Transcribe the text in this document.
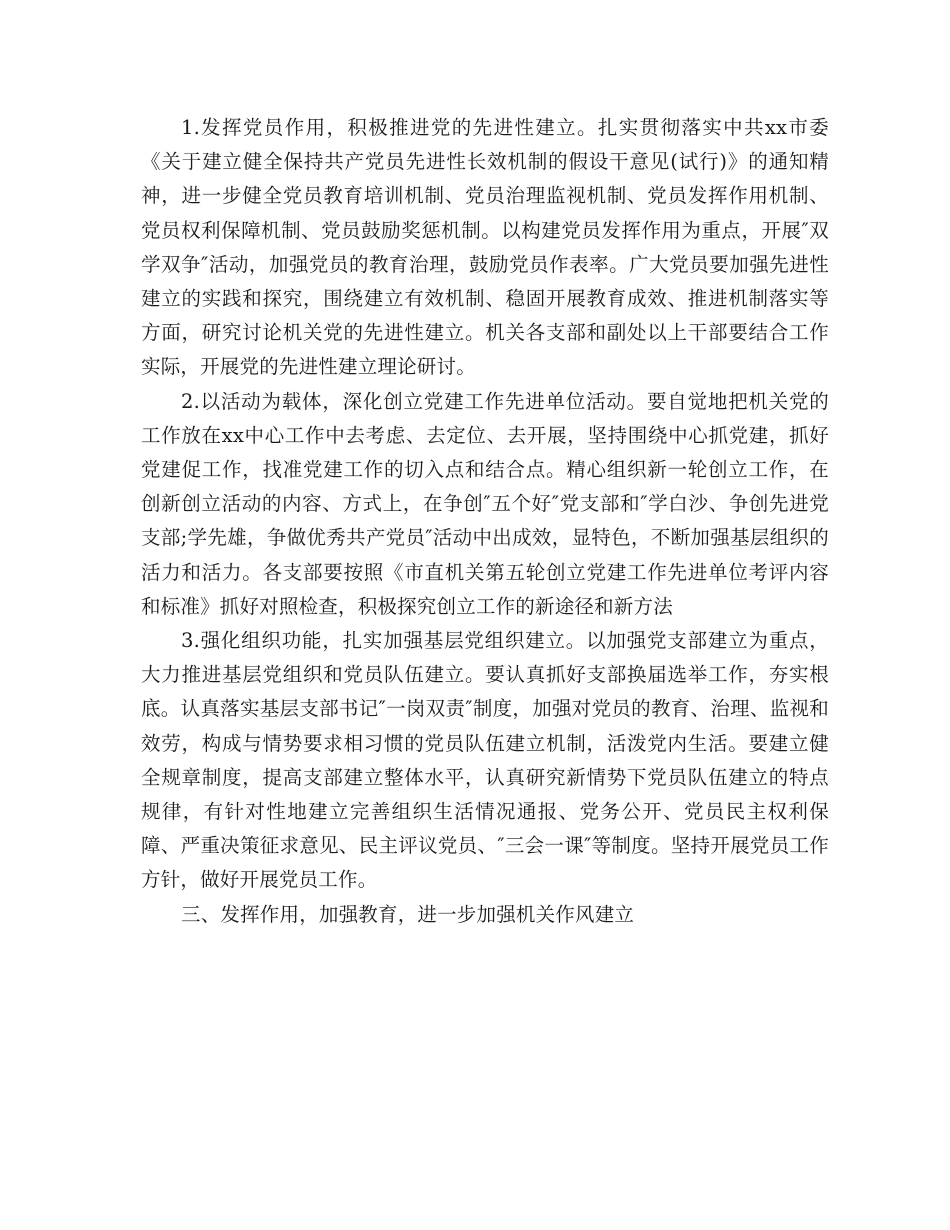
1.发挥党员作用，积极推进党的先进性建立。扎实贯彻落实中共xx市委《关于建立健全保持共产党员先进性长效机制的假设干意见(试行)》的通知精神，进一步健全党员教育培训机制、党员治理监视机制、党员发挥作用机制、党员权利保障机制、党员鼓励奖惩机制。以构建党员发挥作用为重点，开展″双学双争″活动，加强党员的教育治理，鼓励党员作表率。广大党员要加强先进性建立的实践和探究，围绕建立有效机制、稳固开展教育成效、推进机制落实等方面，研究讨论机关党的先进性建立。机关各支部和副处以上干部要结合工作实际，开展党的先进性建立理论研讨。

2.以活动为载体，深化创立党建工作先进单位活动。要自觉地把机关党的工作放在xx中心工作中去考虑、去定位、去开展，坚持围绕中心抓党建，抓好党建促工作，找准党建工作的切入点和结合点。精心组织新一轮创立工作，在创新创立活动的内容、方式上，在争创″五个好″党支部和″学白沙、争创先进党支部;学先雄，争做优秀共产党员″活动中出成效，显特色，不断加强基层组织的活力和活力。各支部要按照《市直机关第五轮创立党建工作先进单位考评内容和标准》抓好对照检查，积极探究创立工作的新途径和新方法

3.强化组织功能，扎实加强基层党组织建立。以加强党支部建立为重点，大力推进基层党组织和党员队伍建立。要认真抓好支部换届选举工作，夯实根底。认真落实基层支部书记″一岗双责″制度，加强对党员的教育、治理、监视和效劳，构成与情势要求相习惯的党员队伍建立机制，活泼党内生活。要建立健全规章制度，提高支部建立整体水平，认真研究新情势下党员队伍建立的特点规律，有针对性地建立完善组织生活情况通报、党务公开、党员民主权利保障、严重决策征求意见、民主评议党员、″三会一课″等制度。坚持开展党员工作方针，做好开展党员工作。

三、发挥作用，加强教育，进一步加强机关作风建立
